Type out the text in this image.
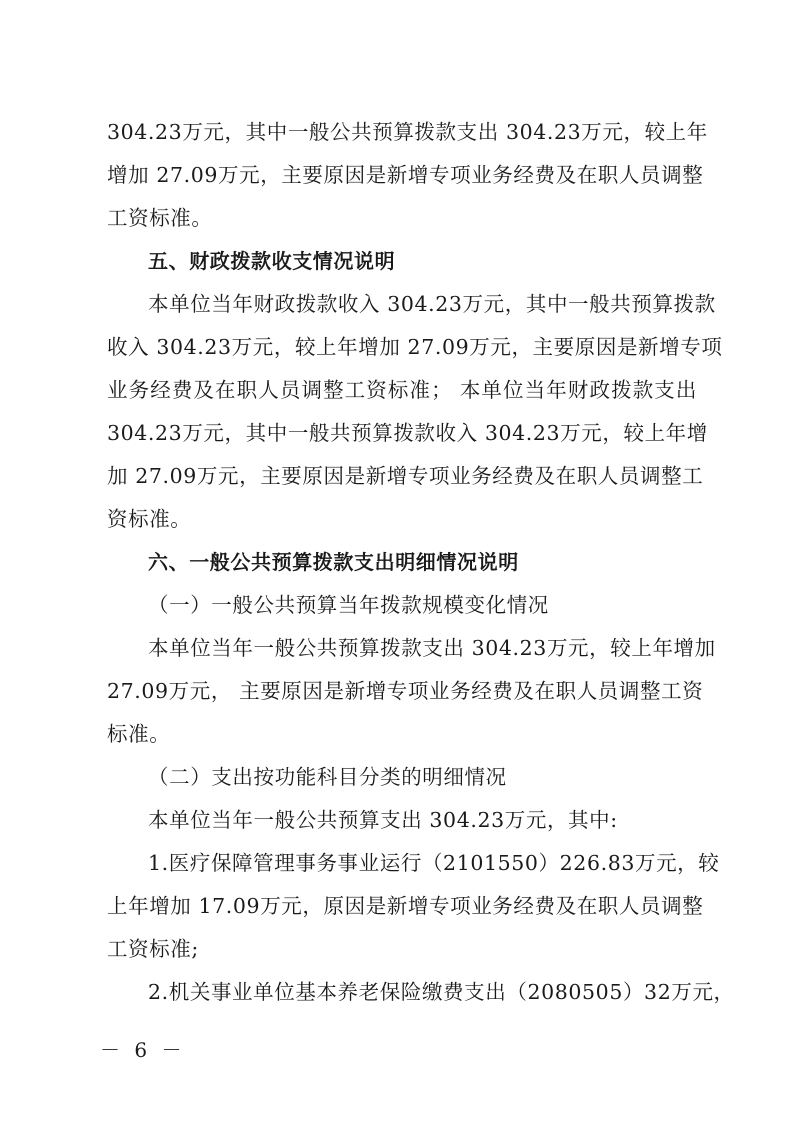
304.23万元，其中一般公共预算拨款支出 304.23万元，较上年
增加 27.09万元，主要原因是新增专项业务经费及在职人员调整
工资标准。
五、财政拨款收支情况说明
本单位当年财政拨款收入 304.23万元，其中一般共预算拨款
收入 304.23万元，较上年增加 27.09万元，主要原因是新增专项
业务经费及在职人员调整工资标准； 本单位当年财政拨款支出
304.23万元，其中一般共预算拨款收入 304.23万元，较上年增
加 27.09万元，主要原因是新增专项业务经费及在职人员调整工
资标准。
六、一般公共预算拨款支出明细情况说明
（一）一般公共预算当年拨款规模变化情况
本单位当年一般公共预算拨款支出 304.23万元，较上年增加
27.09万元， 主要原因是新增专项业务经费及在职人员调整工资
标准。
（二）支出按功能科目分类的明细情况
本单位当年一般公共预算支出 304.23万元，其中:
1.医疗保障管理事务事业运行（2101550）226.83万元，较
上年增加 17.09万元，原因是新增专项业务经费及在职人员调整
工资标准;
2.机关事业单位基本养老保险缴费支出（2080505）32万元，
－ 6 －
